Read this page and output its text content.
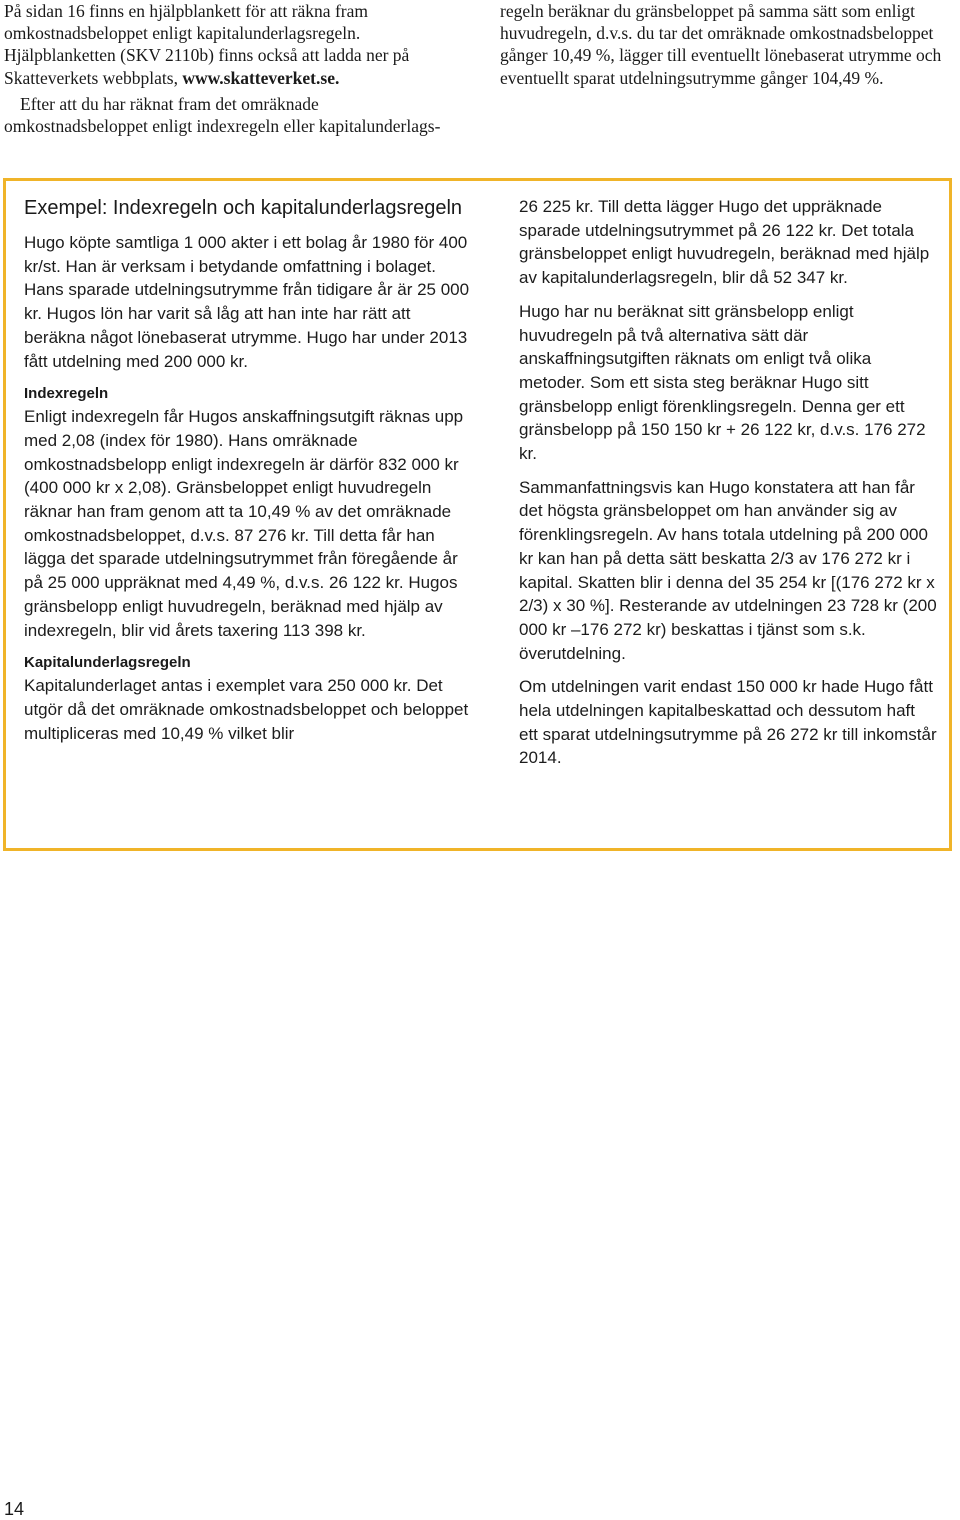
På sidan 16 finns en hjälpblankett för att räkna fram omkostnadsbeloppet enligt kapitalunderlagsregeln. Hjälpblanketten (SKV 2110b) finns också att ladda ner på Skatteverkets webbplats, www.skatteverket.se.

Efter att du har räknat fram det omräknade omkostnadsbeloppet enligt indexregeln eller kapitalunderlags-

regeln beräknar du gränsbeloppet på samma sätt som enligt huvudregeln, d.v.s. du tar det omräknade omkostnadsbeloppet gånger 10,49 %, lägger till eventuellt lönebaserat utrymme och eventuellt sparat utdelningsutrymme gånger 104,49 %.

Exempel: Indexregeln och kapitalunderlagsregeln

Hugo köpte samtliga 1 000 akter i ett bolag år 1980 för 400 kr/st. Han är verksam i betydande omfattning i bolaget. Hans sparade utdelningsutrymme från tidigare år är 25 000 kr. Hugos lön har varit så låg att han inte har rätt att beräkna något lönebaserat utrymme. Hugo har under 2013 fått utdelning med 200 000 kr.

Indexregeln

Enligt indexregeln får Hugos anskaffningsutgift räknas upp med 2,08 (index för 1980). Hans omräknade omkostnadsbelopp enligt indexregeln är därför 832 000 kr (400 000 kr x 2,08). Gränsbeloppet enligt huvudregeln räknar han fram genom att ta 10,49 % av det omräknade omkostnadsbeloppet, d.v.s. 87 276 kr. Till detta får han lägga det sparade utdelningsutrymmet från föregående år på 25 000 uppräknat med 4,49 %, d.v.s. 26 122 kr. Hugos gränsbelopp enligt huvudregeln, beräknad med hjälp av indexregeln, blir vid årets taxering 113 398 kr.

Kapitalunderlagsregeln

Kapitalunderlaget antas i exemplet vara 250 000 kr. Det utgör då det omräknade omkostnadsbeloppet och beloppet multipliceras med 10,49 % vilket blir

26 225 kr. Till detta lägger Hugo det uppräknade sparade utdelningsutrymmet på 26 122 kr. Det totala gränsbeloppet enligt huvudregeln, beräknad med hjälp av kapitalunderlagsregeln, blir då 52 347 kr.

Hugo har nu beräknat sitt gränsbelopp enligt huvudregeln på två alternativa sätt där anskaffningsutgiften räknats om enligt två olika metoder. Som ett sista steg beräknar Hugo sitt gränsbelopp enligt förenklingsregeln. Denna ger ett gränsbelopp på 150 150 kr + 26 122 kr, d.v.s. 176 272 kr.

Sammanfattningsvis kan Hugo konstatera att han får det högsta gränsbeloppet om han använder sig av förenklingsregeln. Av hans totala utdelning på 200 000 kr kan han på detta sätt beskatta 2/3 av 176 272 kr i kapital. Skatten blir i denna del 35 254 kr [(176 272 kr x 2/3) x 30 %]. Resterande av utdelningen 23 728 kr (200 000 kr –176 272 kr) beskattas i tjänst som s.k. överutdelning.

Om utdelningen varit endast 150 000 kr hade Hugo fått hela utdelningen kapitalbeskattad och dessutom haft ett sparat utdelningsutrymme på 26 272 kr till inkomstår 2014.

14
